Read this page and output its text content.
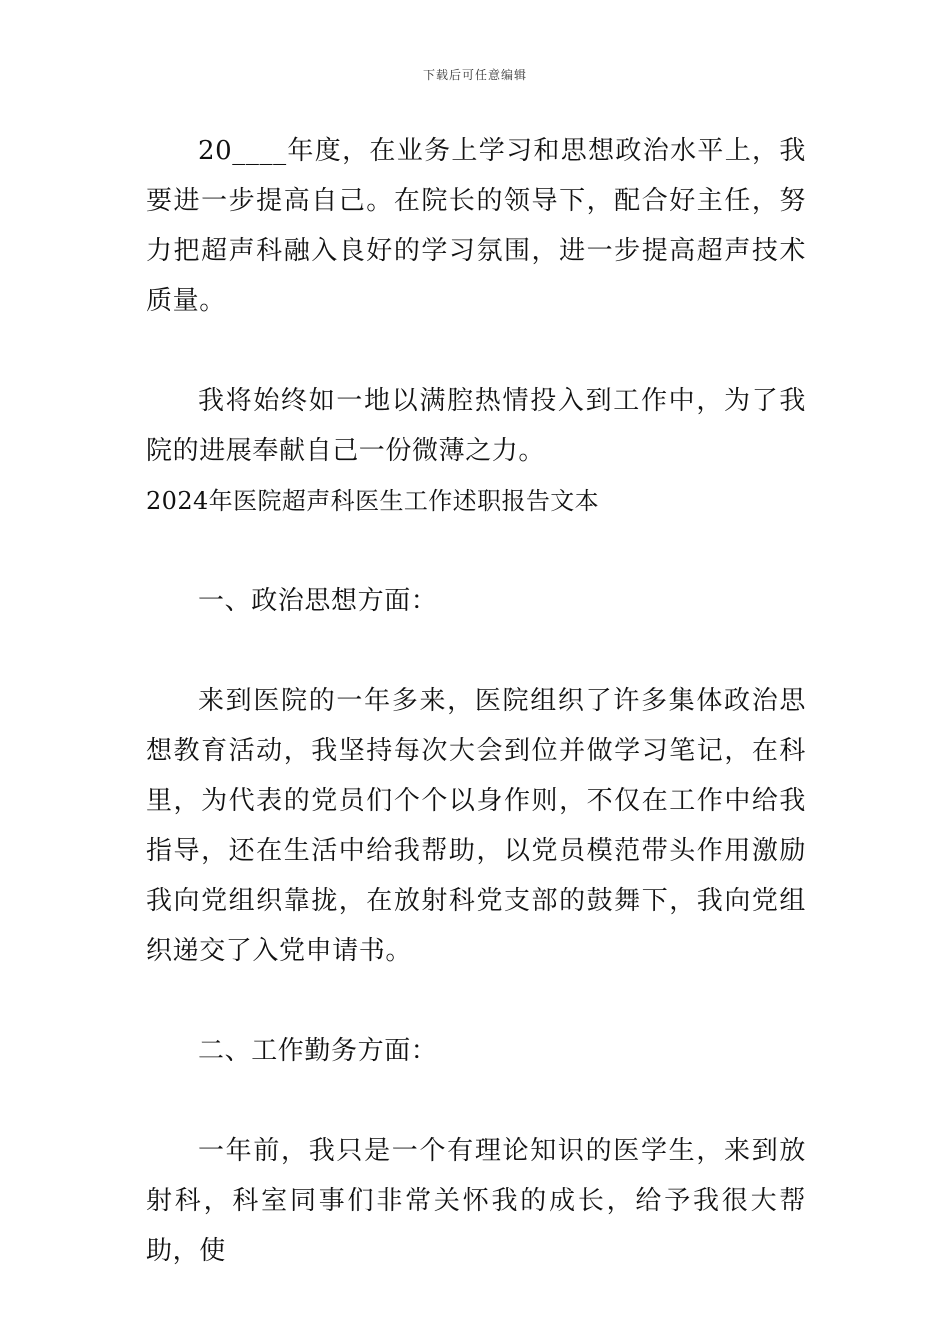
下载后可任意编辑

20____年度，在业务上学习和思想政治水平上，我要进一步提高自己。在院长的领导下，配合好主任，努力把超声科融入良好的学习氛围，进一步提高超声技术质量。

我将始终如一地以满腔热情投入到工作中，为了我院的进展奉献自己一份微薄之力。

2024年医院超声科医生工作述职报告文本

一、政治思想方面：

来到医院的一年多来，医院组织了许多集体政治思想教育活动，我坚持每次大会到位并做学习笔记，在科里，为代表的党员们个个以身作则，不仅在工作中给我指导，还在生活中给我帮助，以党员模范带头作用激励我向党组织靠拢，在放射科党支部的鼓舞下，我向党组织递交了入党申请书。

二、工作勤务方面：

一年前，我只是一个有理论知识的医学生，来到放射科，科室同事们非常关怀我的成长，给予我很大帮助，使
